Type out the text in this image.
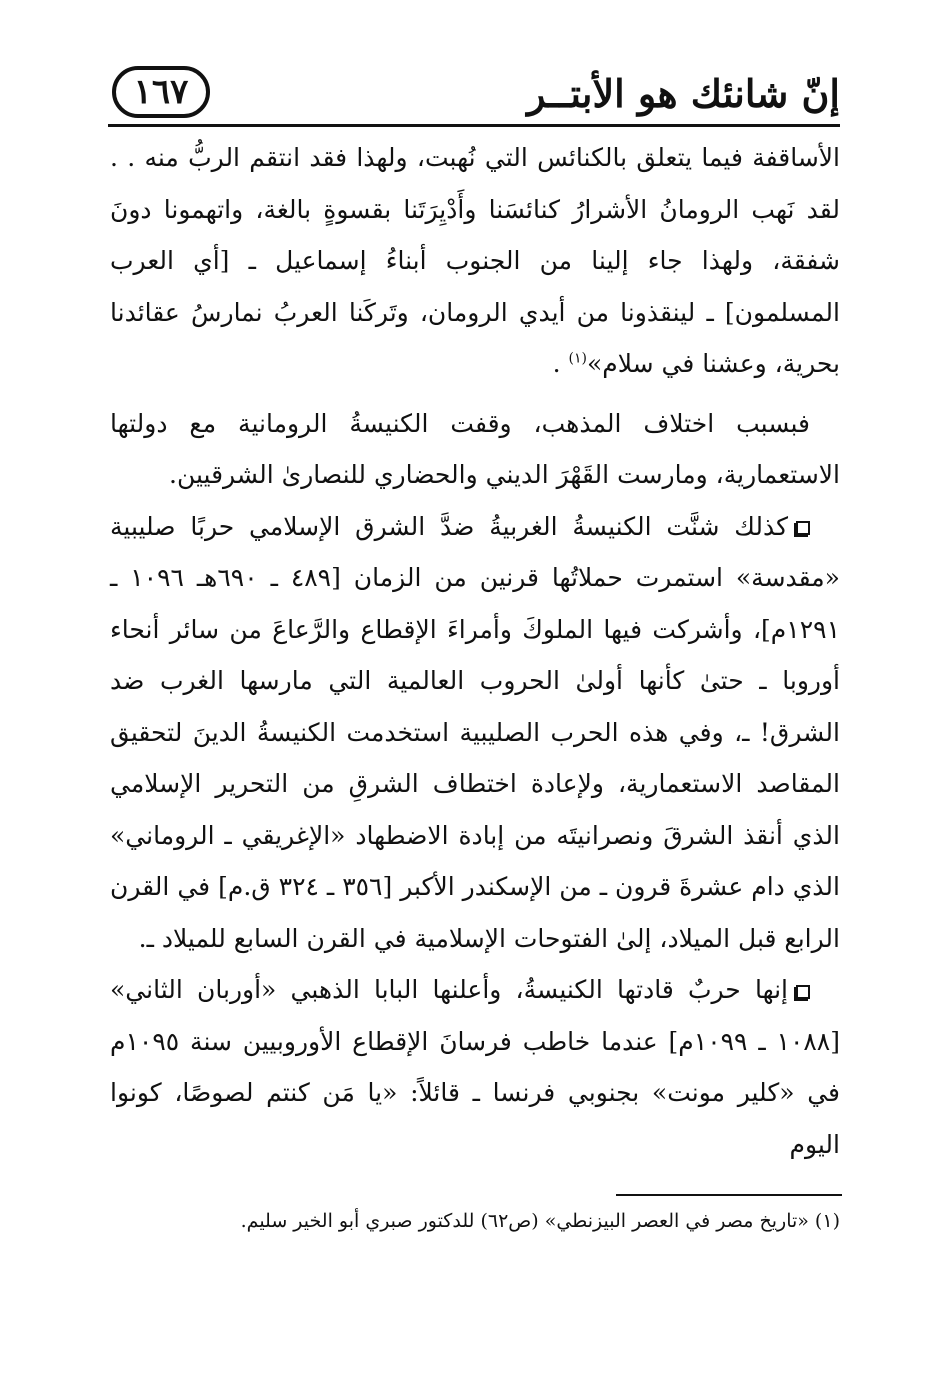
إنّ شانئك هو الأبتــر
١٦٧

الأساقفة فيما يتعلق بالكنائس التي نُهبت، ولهذا فقد انتقم الربُّ منه . . لقد نَهب الرومانُ الأشرارُ كنائسَنا وأَدْيِرَتَنا بقسوةٍ بالغة، واتهمونا دونَ شفقة، ولهذا جاء إلينا من الجنوب أبناءُ إسماعيل ـ [أي العرب المسلمون] ـ لينقذونا من أيدي الرومان، وتَركَنا العربُ نمارسُ عقائدنا بحرية، وعشنا في سلام»$^{(١)}$ .

فبسبب اختلاف المذهب، وقفت الكنيسةُ الرومانية مع دولتها الاستعمارية، ومارست القَهْرَ الديني والحضاري للنصارىٰ الشرقيين.

كذلك شنَّت الكنيسةُ الغربيةُ ضدَّ الشرق الإسلامي حربًا صليبية «مقدسة» استمرت حملاتُها قرنين من الزمان [٤٨٩ ـ ٦٩٠هـ ١٠٩٦ ـ ١٢٩١م]، وأشركت فيها الملوكَ وأمراءَ الإقطاع والرَّعاعَ من سائر أنحاء أوروبا ـ حتىٰ كأنها أولىٰ الحروب العالمية التي مارسها الغرب ضد الشرق! ـ، وفي هذه الحرب الصليبية استخدمت الكنيسةُ الدينَ لتحقيق المقاصد الاستعمارية، ولإعادة اختطاف الشرقِ من التحرير الإسلامي الذي أنقذ الشرقَ ونصرانيتَه من إبادة الاضطهاد «الإغريقي ـ الروماني» الذي دام عشرةَ قرون ـ من الإسكندر الأكبر [٣٥٦ ـ ٣٢٤ ق.م] في القرن الرابع قبل الميلاد، إلىٰ الفتوحات الإسلامية في القرن السابع للميلاد ـ.

إنها حربٌ قادتها الكنيسةُ، وأعلنها البابا الذهبي «أوربان الثاني» [١٠٨٨ ـ ١٠٩٩م] عندما خاطب فرسانَ الإقطاع الأوروبيين سنة ١٠٩٥م في «كلير مونت» بجنوبي فرنسا ـ قائلاً: «يا مَن كنتم لصوصًا، كونوا اليوم

(١) «تاريخ مصر في العصر البيزنطي» (ص٦٢) للدكتور صبري أبو الخير سليم.
